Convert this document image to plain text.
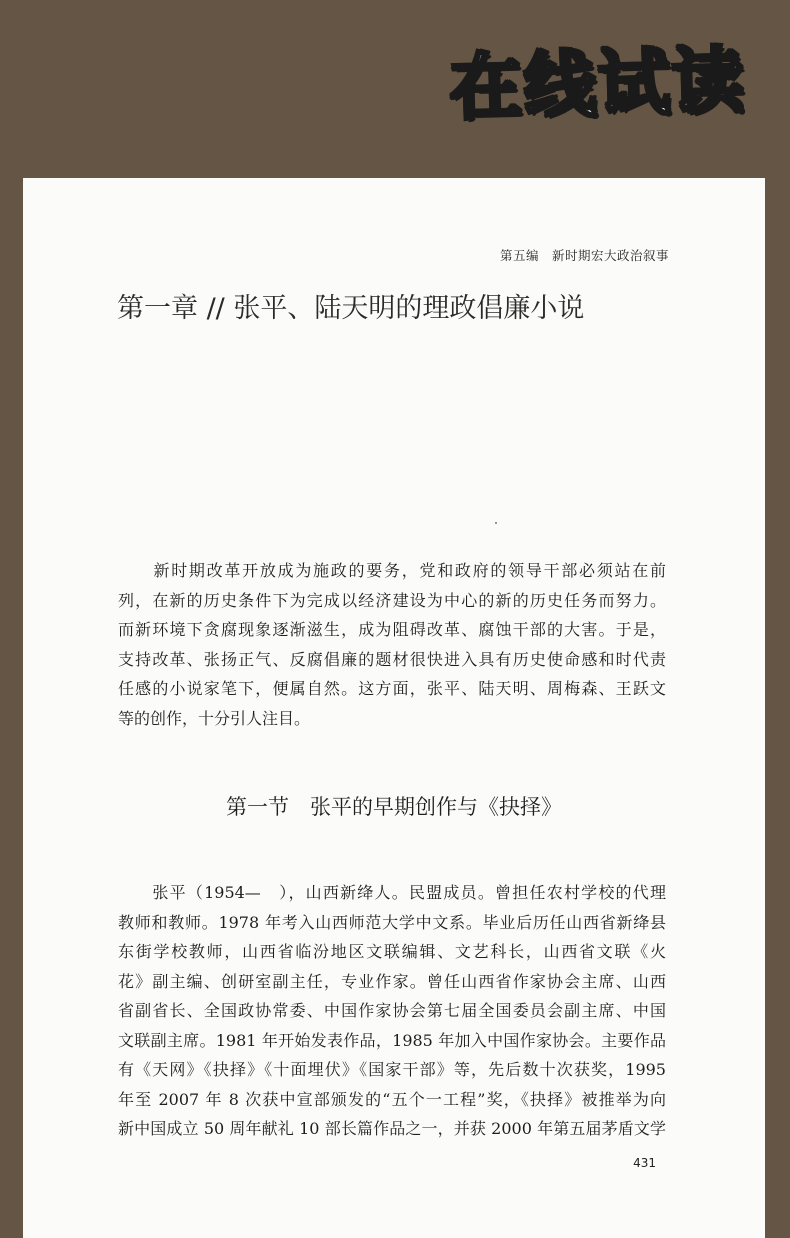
在线试读
第五编　新时期宏大政治叙事
第一章 // 张平、陆天明的理政倡廉小说

　　新时期改革开放成为施政的要务，党和政府的领导干部必须站在前
列，在新的历史条件下为完成以经济建设为中心的新的历史任务而努力。
而新环境下贪腐现象逐渐滋生，成为阻碍改革、腐蚀干部的大害。于是，
支持改革、张扬正气、反腐倡廉的题材很快进入具有历史使命感和时代责
任感的小说家笔下，便属自然。这方面，张平、陆天明、周梅森、王跃文
等的创作，十分引人注目。

第一节　张平的早期创作与《抉择》

　　张平（1954—　），山西新绛人。民盟成员。曾担任农村学校的代理
教师和教师。1978 年考入山西师范大学中文系。毕业后历任山西省新绛县
东街学校教师，山西省临汾地区文联编辑、文艺科长，山西省文联《火
花》副主编、创研室副主任，专业作家。曾任山西省作家协会主席、山西
省副省长、全国政协常委、中国作家协会第七届全国委员会副主席、中国
文联副主席。1981 年开始发表作品，1985 年加入中国作家协会。主要作品
有《天网》《抉择》《十面埋伏》《国家干部》等，先后数十次获奖，1995
年至 2007 年 8 次获中宣部颁发的“五个一工程”奖，《抉择》被推举为向
新中国成立 50 周年献礼 10 部长篇作品之一，并获 2000 年第五届茅盾文学

431
